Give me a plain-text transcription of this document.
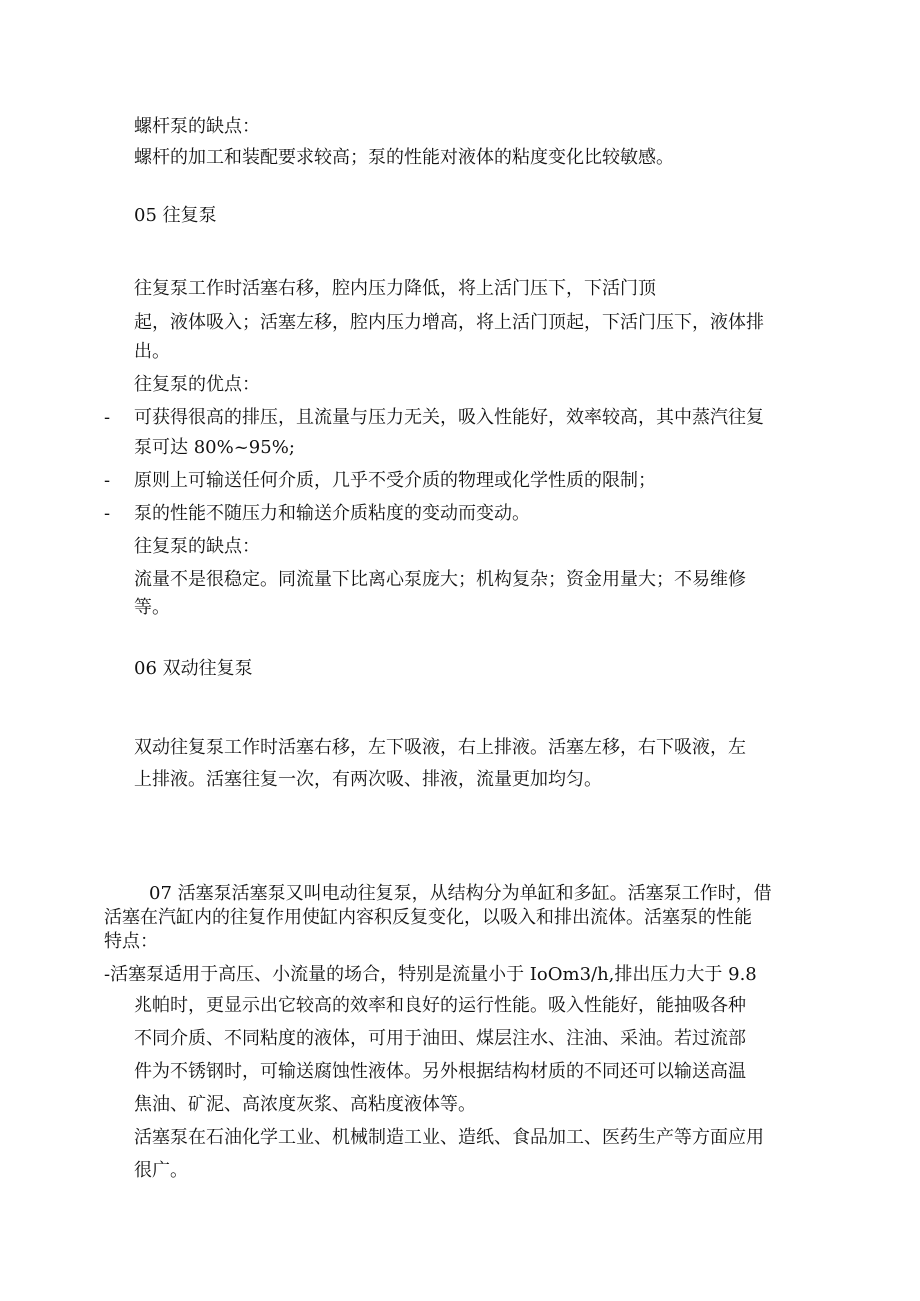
螺杆泵的缺点：
螺杆的加工和装配要求较高；泵的性能对液体的粘度变化比较敏感。
05 往复泵
往复泵工作时活塞右移，腔内压力降低，将上活门压下，下活门顶
起，液体吸入；活塞左移，腔内压力增高，将上活门顶起，下活门压下，液体排
出。
往复泵的优点：
- 可获得很高的排压，且流量与压力无关，吸入性能好，效率较高，其中蒸汽往复
泵可达 80%~95%;
- 原则上可输送任何介质，几乎不受介质的物理或化学性质的限制；
- 泵的性能不随压力和输送介质粘度的变动而变动。
往复泵的缺点：
流量不是很稳定。同流量下比离心泵庞大；机构复杂；资金用量大；不易维修
等。
06 双动往复泵
双动往复泵工作时活塞右移，左下吸液，右上排液。活塞左移，右下吸液，左
上排液。活塞往复一次，有两次吸、排液，流量更加均匀。
07 活塞泵活塞泵又叫电动往复泵，从结构分为单缸和多缸。活塞泵工作时，借
活塞在汽缸内的往复作用使缸内容积反复变化，以吸入和排出流体。活塞泵的性能
特点：
-活塞泵适用于高压、小流量的场合，特别是流量小于 IoOm3/h,排出压力大于 9.8
兆帕时，更显示出它较高的效率和良好的运行性能。吸入性能好，能抽吸各种
不同介质、不同粘度的液体，可用于油田、煤层注水、注油、采油。若过流部
件为不锈钢时，可输送腐蚀性液体。另外根据结构材质的不同还可以输送高温
焦油、矿泥、高浓度灰浆、高粘度液体等。
活塞泵在石油化学工业、机械制造工业、造纸、食品加工、医药生产等方面应用
很广。
